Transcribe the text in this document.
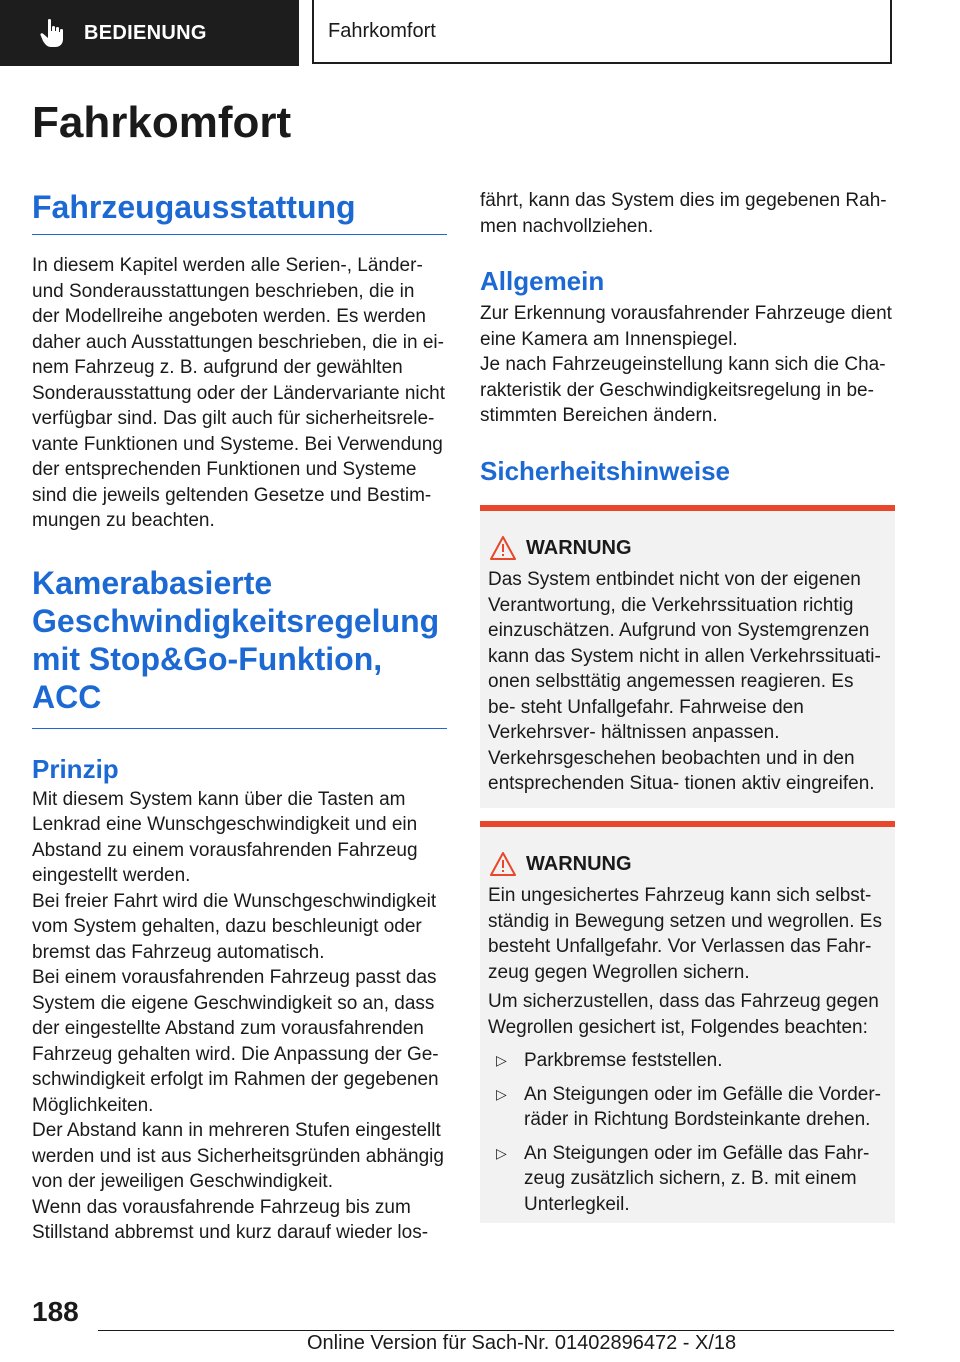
BEDIENUNG	Fahrkomfort
Fahrkomfort
Fahrzeugausstattung

In diesem Kapitel werden alle Serien-, Länder- und Sonderausstattungen beschrieben, die in der Modellreihe angeboten werden. Es werden daher auch Ausstattungen beschrieben, die in ei- nem Fahrzeug z. B. aufgrund der gewählten Sonderausstattung oder der Ländervariante nicht verfügbar sind. Das gilt auch für sicherheitsrele- vante Funktionen und Systeme. Bei Verwendung der entsprechenden Funktionen und Systeme sind die jeweils geltenden Gesetze und Bestim- mungen zu beachten.

Kamerabasierte Geschwindigkeitsregelung mit Stop&Go-Funktion, ACC
Prinzip

Mit diesem System kann über die Tasten am Lenkrad eine Wunschgeschwindigkeit und ein Abstand zu einem vorausfahrenden Fahrzeug eingestellt werden.

Bei freier Fahrt wird die Wunschgeschwindigkeit vom System gehalten, dazu beschleunigt oder bremst das Fahrzeug automatisch.

Bei einem vorausfahrenden Fahrzeug passt das System die eigene Geschwindigkeit so an, dass der eingestellte Abstand zum vorausfahrenden Fahrzeug gehalten wird. Die Anpassung der Ge- schwindigkeit erfolgt im Rahmen der gegebenen Möglichkeiten.

Der Abstand kann in mehreren Stufen eingestellt werden und ist aus Sicherheitsgründen abhängig von der jeweiligen Geschwindigkeit.

Wenn das vorausfahrende Fahrzeug bis zum Stillstand abbremst und kurz darauf wieder los-

fährt, kann das System dies im gegebenen Rah- men nachvollziehen.

Allgemein

Zur Erkennung vorausfahrender Fahrzeuge dient eine Kamera am Innenspiegel.

Je nach Fahrzeugeinstellung kann sich die Cha- rakteristik der Geschwindigkeitsregelung in be- stimmten Bereichen ändern.

Sicherheitshinweise
WARNUNG

Das System entbindet nicht von der eigenen Verantwortung, die Verkehrssituation richtig einzuschätzen. Aufgrund von Systemgrenzen kann das System nicht in allen Verkehrssituati- onen selbsttätig angemessen reagieren. Es be- steht Unfallgefahr. Fahrweise den Verkehrsver- hältnissen anpassen. Verkehrsgeschehen beobachten und in den entsprechenden Situa- tionen aktiv eingreifen.

WARNUNG

Ein ungesichertes Fahrzeug kann sich selbst- ständig in Bewegung setzen und wegrollen. Es besteht Unfallgefahr. Vor Verlassen das Fahr- zeug gegen Wegrollen sichern.

Um sicherzustellen, dass das Fahrzeug gegen Wegrollen gesichert ist, Folgendes beachten:

▷ Parkbremse feststellen.
▷ An Steigungen oder im Gefälle die Vorder- räder in Richtung Bordsteinkante drehen.
▷ An Steigungen oder im Gefälle das Fahr- zeug zusätzlich sichern, z. B. mit einem Unterlegkeil.

188

Online Version für Sach-Nr. 01402896472 - X/18
